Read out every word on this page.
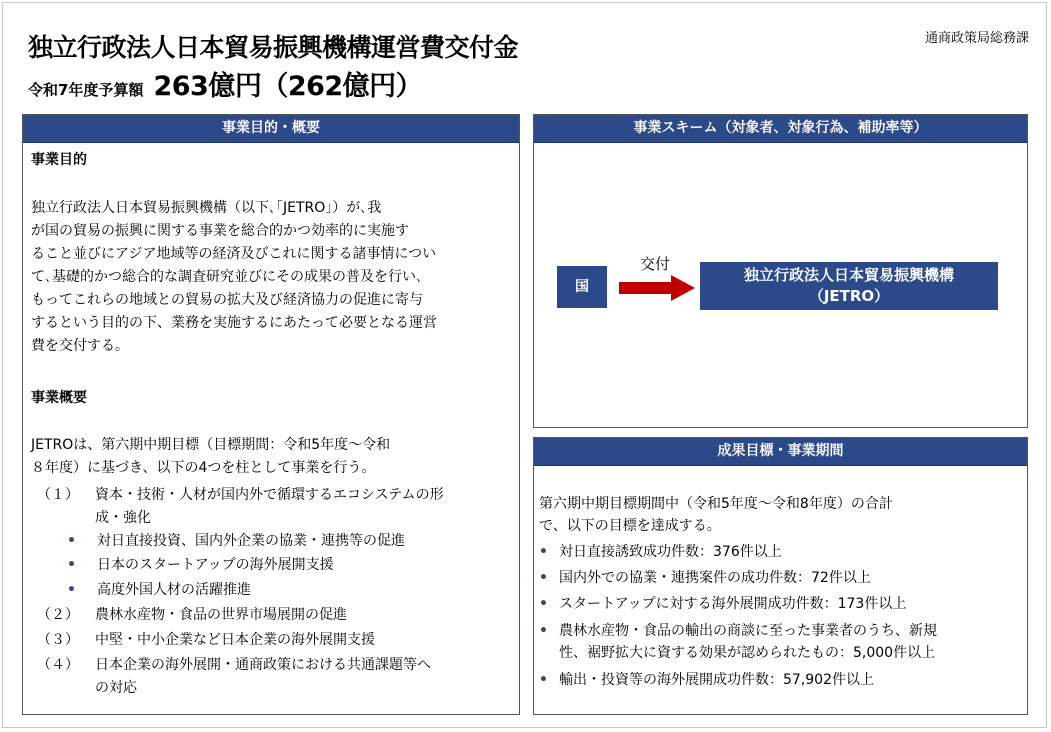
独立行政法人日本貿易振興機構運営費交付金	通商政策局総務課
令和7年度予算額 263億円（262億円）
事業目的・概要
事業目的
独立行政法人日本貿易振興機構（以下､｢JETRO｣）が､我
が国の貿易の振興に関する事業を総合的かつ効率的に実施す
ること並びにアジア地域等の経済及びこれに関する諸事情につい
て､基礎的かつ総合的な調査研究並びにその成果の普及を行い､
もってこれらの地域との貿易の拡大及び経済協力の促進に寄与
するという目的の下、業務を実施するにあたって必要となる運営
費を交付する。
事業概要
JETROは、第六期中期目標（目標期間：令和5年度～令和
８年度）に基づき、以下の4つを柱として事業を行う。
（１） 資本・技術・人材が国内外で循環するエコシステムの形
成・強化
• 対日直接投資、国内外企業の協業・連携等の促進
• 日本のスタートアップの海外展開支援
• 高度外国人材の活躍推進
（２） 農林水産物・食品の世界市場展開の促進
（３） 中堅・中小企業など日本企業の海外展開支援
（４） 日本企業の海外展開・通商政策における共通課題等へ
の対応
事業スキーム（対象者、対象行為、補助率等）
国
交付
独立行政法人日本貿易振興機構
（JETRO）
成果目標・事業期間
第六期中期目標期間中（令和5年度～令和8年度）の合計
で、以下の目標を達成する。
• 対日直接誘致成功件数：376件以上
• 国内外での協業・連携案件の成功件数：72件以上
• スタートアップに対する海外展開成功件数：173件以上
• 農林水産物・食品の輸出の商談に至った事業者のうち、新規
性、裾野拡大に資する効果が認められたもの：5,000件以上
• 輸出・投資等の海外展開成功件数：57,902件以上
